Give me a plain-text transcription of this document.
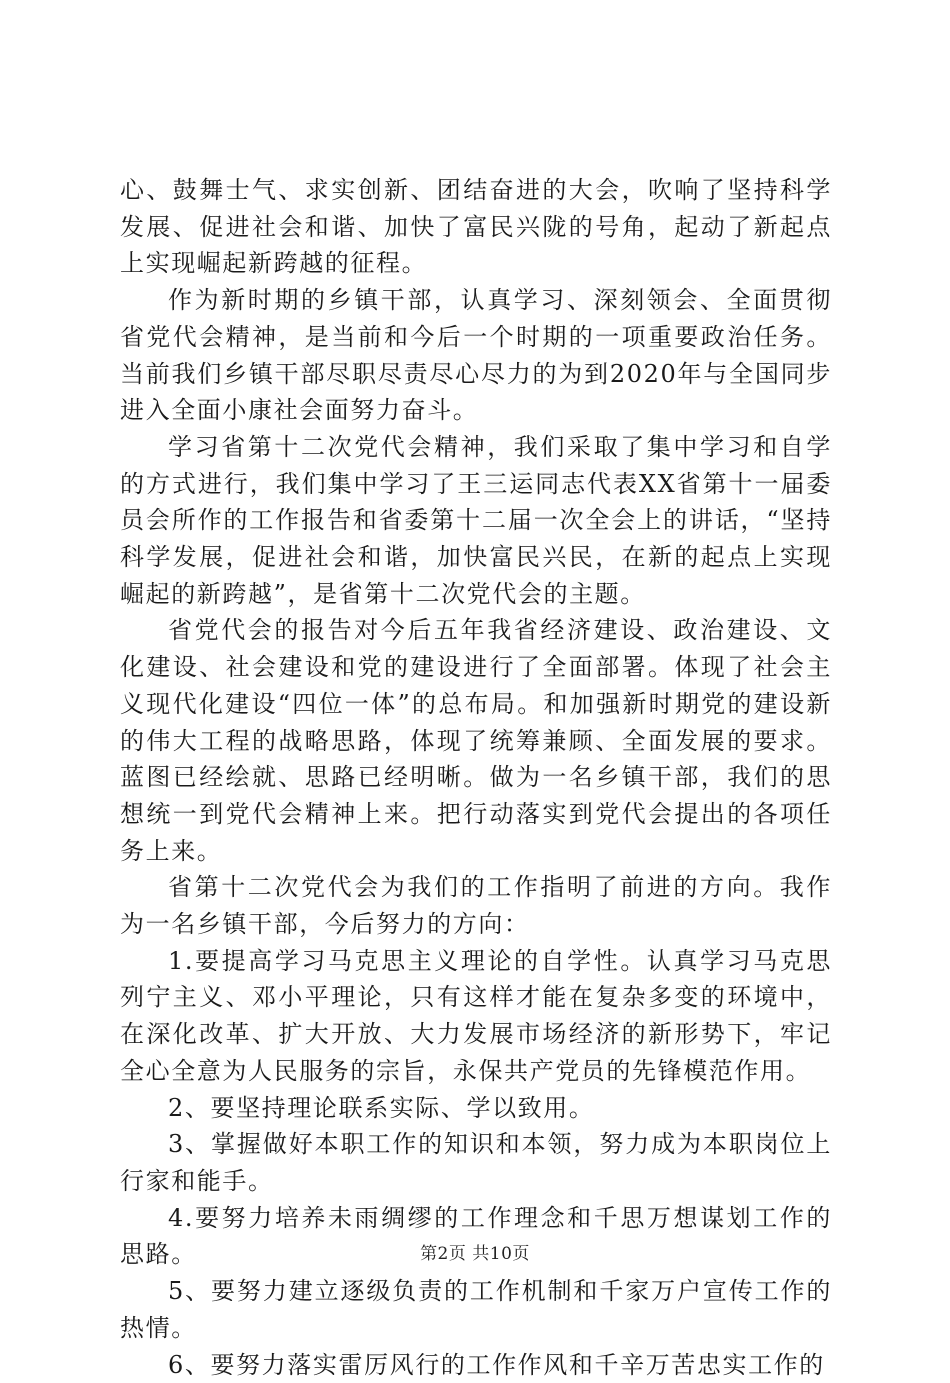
心、鼓舞士气、求实创新、团结奋进的大会，吹响了坚持科学发展、促进社会和谐、加快了富民兴陇的号角，起动了新起点上实现崛起新跨越的征程。

作为新时期的乡镇干部，认真学习、深刻领会、全面贯彻省党代会精神，是当前和今后一个时期的一项重要政治任务。当前我们乡镇干部尽职尽责尽心尽力的为到2020年与全国同步进入全面小康社会面努力奋斗。

学习省第十二次党代会精神，我们采取了集中学习和自学的方式进行，我们集中学习了王三运同志代表XX省第十一届委员会所作的工作报告和省委第十二届一次全会上的讲话，“坚持科学发展，促进社会和谐，加快富民兴民，在新的起点上实现崛起的新跨越”，是省第十二次党代会的主题。

省党代会的报告对今后五年我省经济建设、政治建设、文化建设、社会建设和党的建设进行了全面部署。体现了社会主义现代化建设“四位一体”的总布局。和加强新时期党的建设新的伟大工程的战略思路，体现了统筹兼顾、全面发展的要求。蓝图已经绘就、思路已经明晰。做为一名乡镇干部，我们的思想统一到党代会精神上来。把行动落实到党代会提出的各项任务上来。

省第十二次党代会为我们的工作指明了前进的方向。我作为一名乡镇干部，今后努力的方向：

1.要提高学习马克思主义理论的自学性。认真学习马克思列宁主义、邓小平理论，只有这样才能在复杂多变的环境中，在深化改革、扩大开放、大力发展市场经济的新形势下，牢记全心全意为人民服务的宗旨，永保共产党员的先锋模范作用。

2、要坚持理论联系实际、学以致用。

3、掌握做好本职工作的知识和本领，努力成为本职岗位上行家和能手。

4.要努力培养未雨绸缪的工作理念和千思万想谋划工作的思路。

5、要努力建立逐级负责的工作机制和千家万户宣传工作的热情。

6、要努力落实雷厉风行的工作作风和千辛万苦忠实工作的

第2页 共10页
